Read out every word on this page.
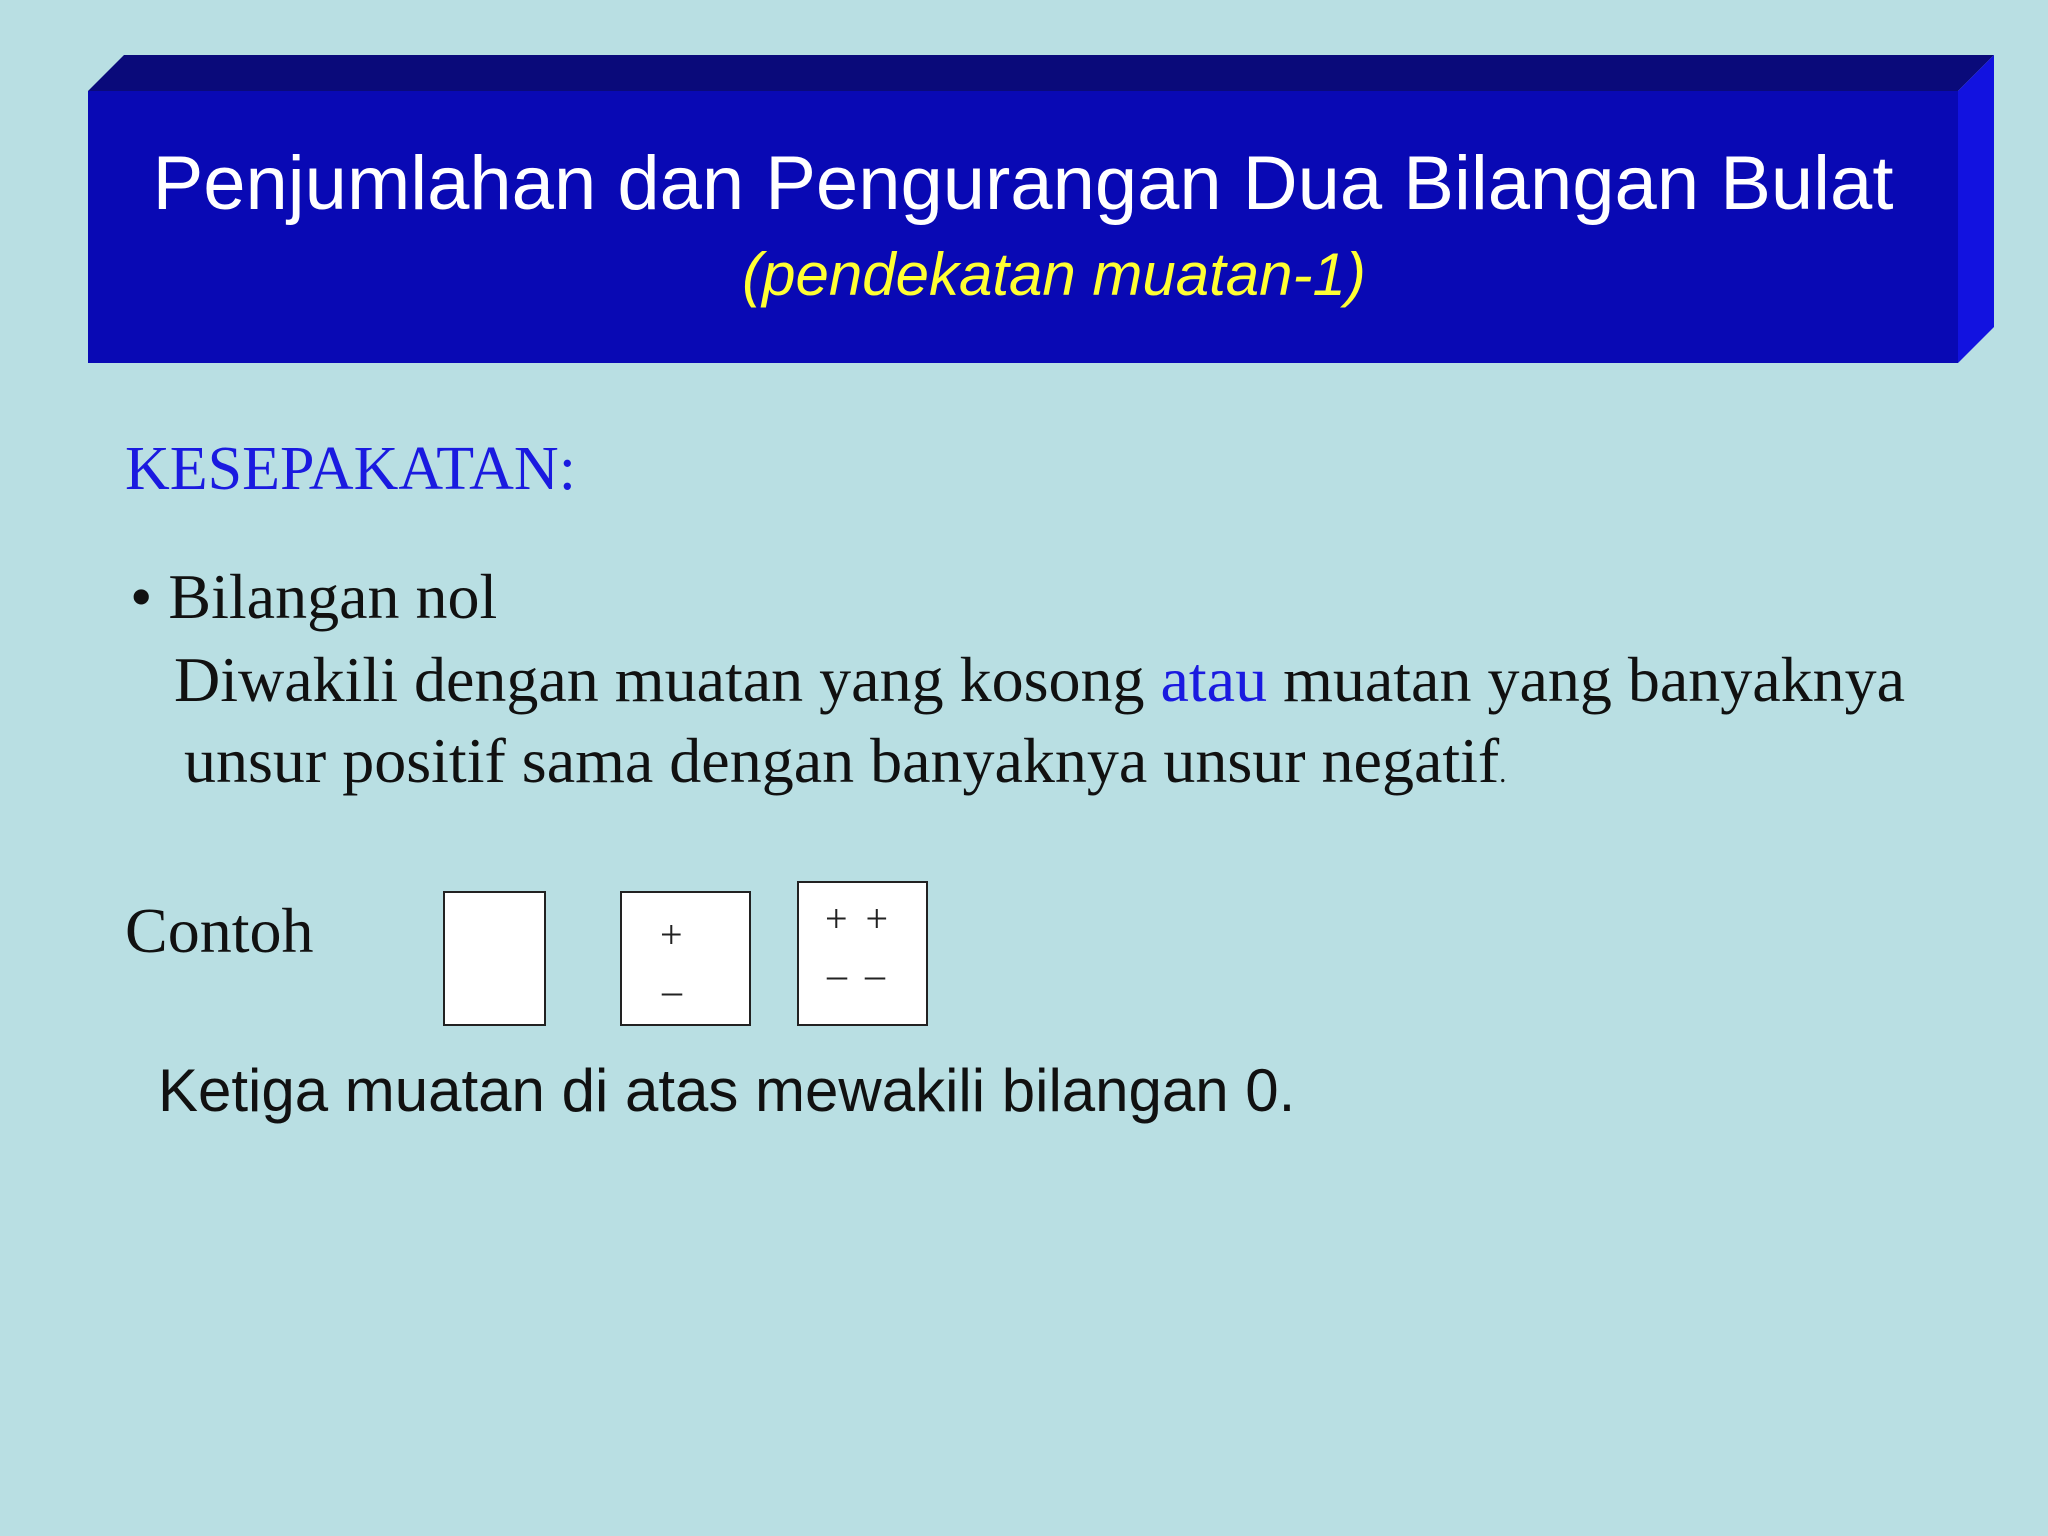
Penjumlahan dan Pengurangan Dua Bilangan Bulat
(pendekatan muatan-1)
KESEPAKATAN:
• Bilangan nol
Diwakili dengan muatan yang kosong atau muatan yang banyaknya
unsur positif sama dengan banyaknya unsur negatif.
Contoh	+
–
+ +
– –
Ketiga muatan di atas mewakili bilangan 0.
